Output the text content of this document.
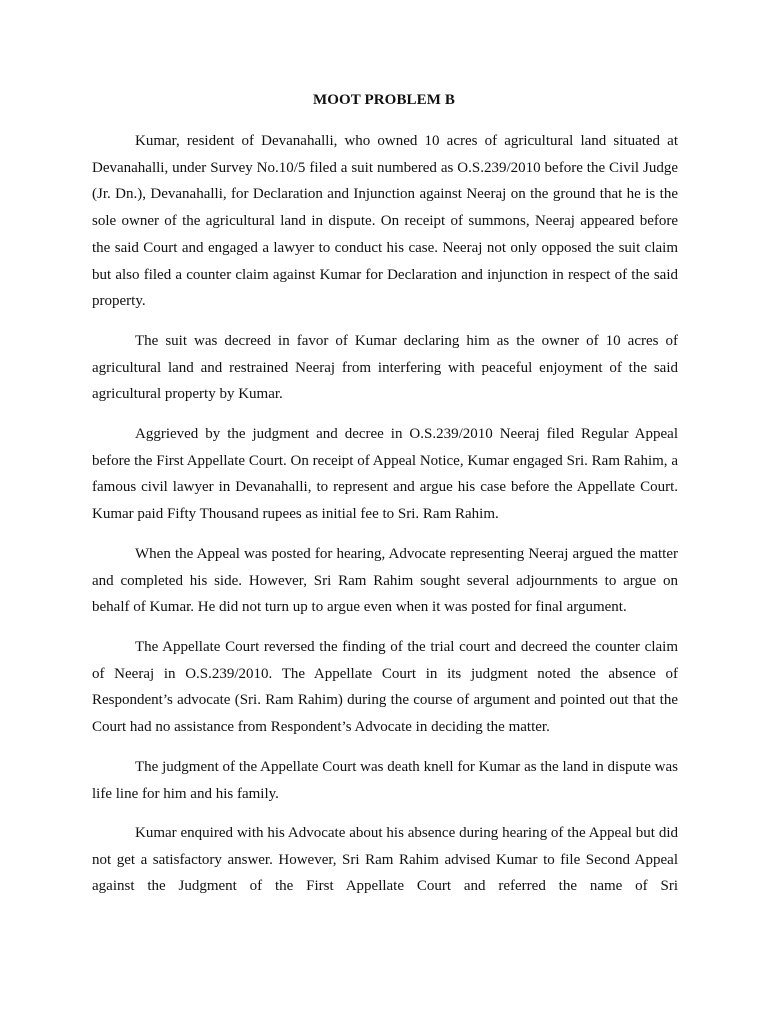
MOOT PROBLEM B

Kumar, resident of Devanahalli, who owned 10 acres of agricultural land situated at Devanahalli, under Survey No.10/5 filed a suit numbered as O.S.239/2010 before the Civil Judge (Jr. Dn.), Devanahalli, for Declaration and Injunction against Neeraj on the ground that he is the sole owner of the agricultural land in dispute. On receipt of summons, Neeraj appeared before the said Court and engaged a lawyer to conduct his case. Neeraj not only opposed the suit claim but also filed a counter claim against Kumar for Declaration and injunction in respect of the said property.

The suit was decreed in favor of Kumar declaring him as the owner of 10 acres of agricultural land and restrained Neeraj from interfering with peaceful enjoyment of the said agricultural property by Kumar.

Aggrieved by the judgment and decree in O.S.239/2010 Neeraj filed Regular Appeal before the First Appellate Court. On receipt of Appeal Notice, Kumar engaged Sri. Ram Rahim, a famous civil lawyer in Devanahalli, to represent and argue his case before the Appellate Court. Kumar paid Fifty Thousand rupees as initial fee to Sri. Ram Rahim.

When the Appeal was posted for hearing, Advocate representing Neeraj argued the matter and completed his side. However, Sri Ram Rahim sought several adjournments to argue on behalf of Kumar. He did not turn up to argue even when it was posted for final argument.

The Appellate Court reversed the finding of the trial court and decreed the counter claim of Neeraj in O.S.239/2010. The Appellate Court in its judgment noted the absence of Respondent’s advocate (Sri. Ram Rahim) during the course of argument and pointed out that the Court had no assistance from Respondent’s Advocate in deciding the matter.

The judgment of the Appellate Court was death knell for Kumar as the land in dispute was life line for him and his family.

Kumar enquired with his Advocate about his absence during hearing of the Appeal but did not get a satisfactory answer. However, Sri Ram Rahim advised Kumar to file Second Appeal against the Judgment of the First Appellate Court and referred the name of Sri
